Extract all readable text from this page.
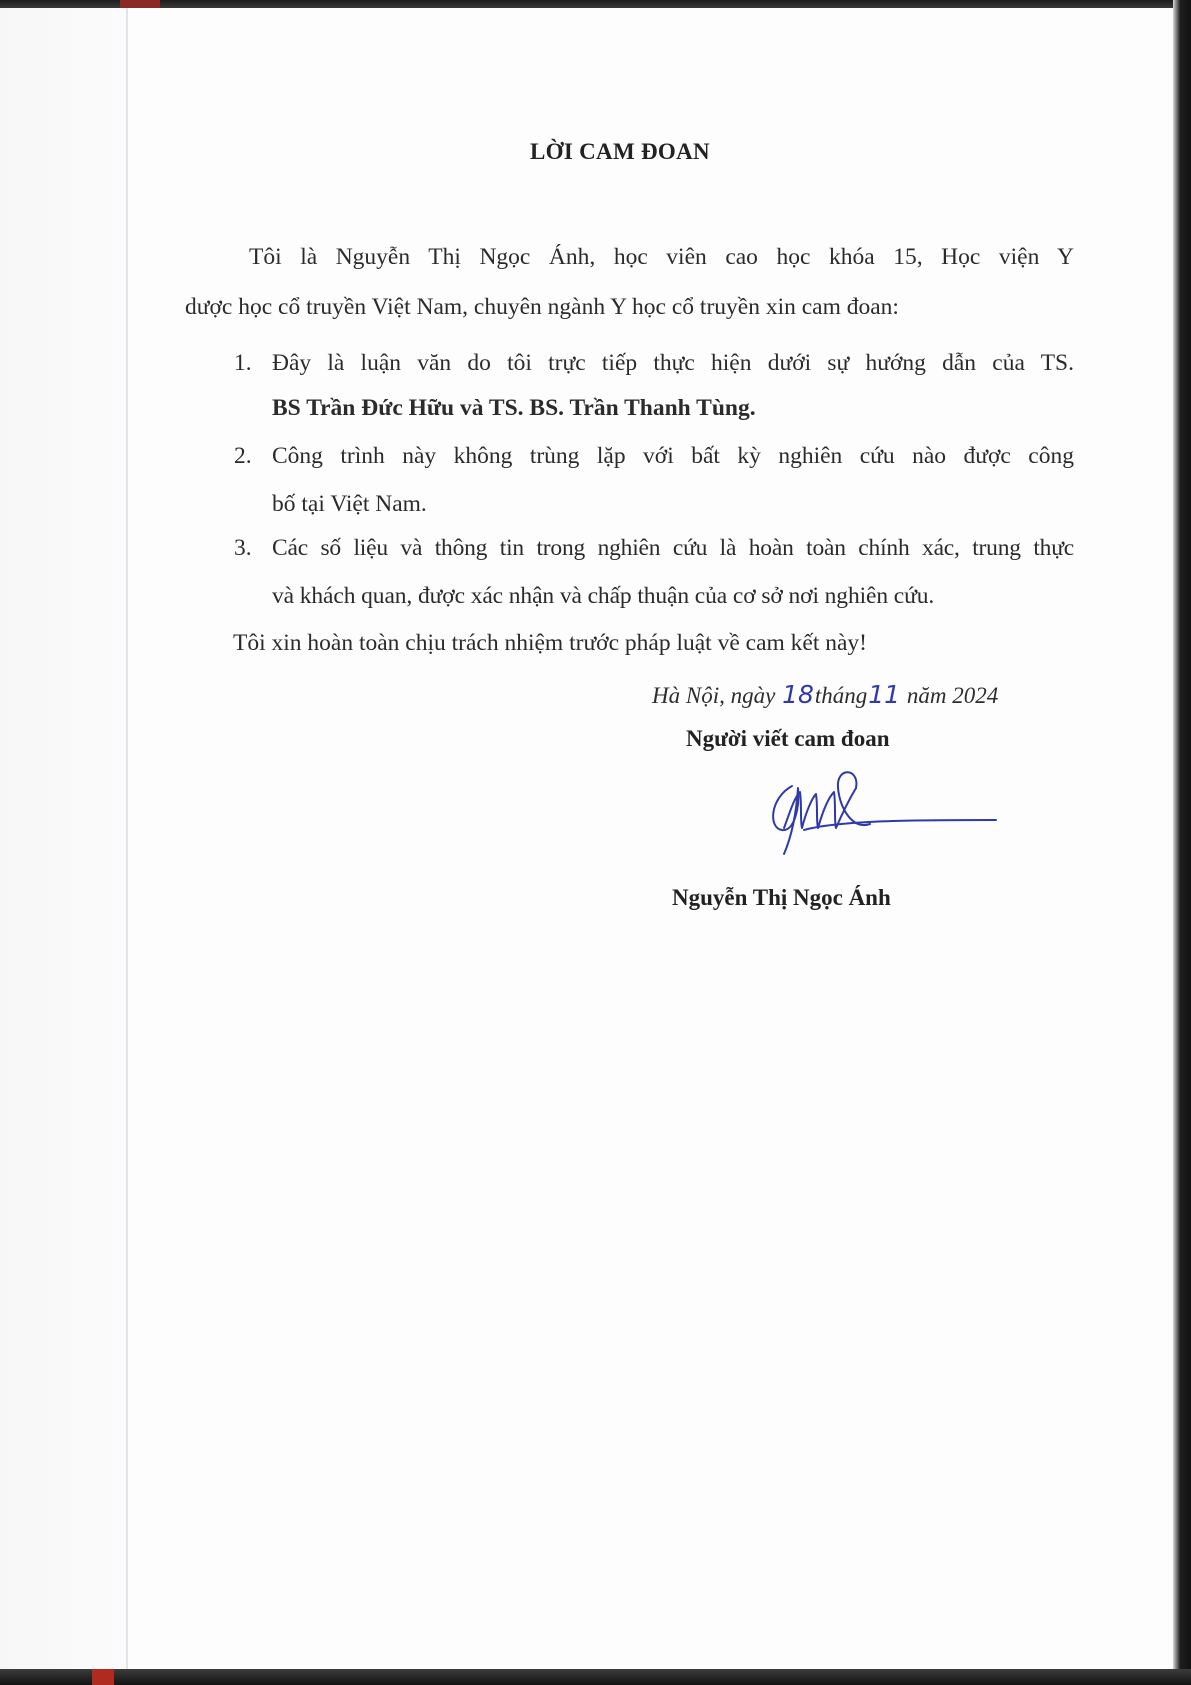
LỜI CAM ĐOAN
Tôi là Nguyễn Thị Ngọc Ánh, học viên cao học khóa 15, Học viện Y
dược học cổ truyền Việt Nam, chuyên ngành Y học cổ truyền xin cam đoan:
1. Đây là luận văn do tôi trực tiếp thực hiện dưới sự hướng dẫn của TS.
BS Trần Đức Hữu và TS. BS. Trần Thanh Tùng.
2. Công trình này không trùng lặp với bất kỳ nghiên cứu nào được công
bố tại Việt Nam.
3. Các số liệu và thông tin trong nghiên cứu là hoàn toàn chính xác, trung thực
và khách quan, được xác nhận và chấp thuận của cơ sở nơi nghiên cứu.
Tôi xin hoàn toàn chịu trách nhiệm trước pháp luật về cam kết này!
Hà Nội, ngày 18tháng11 năm 2024
Người viết cam đoan
Nguyễn Thị Ngọc Ánh
